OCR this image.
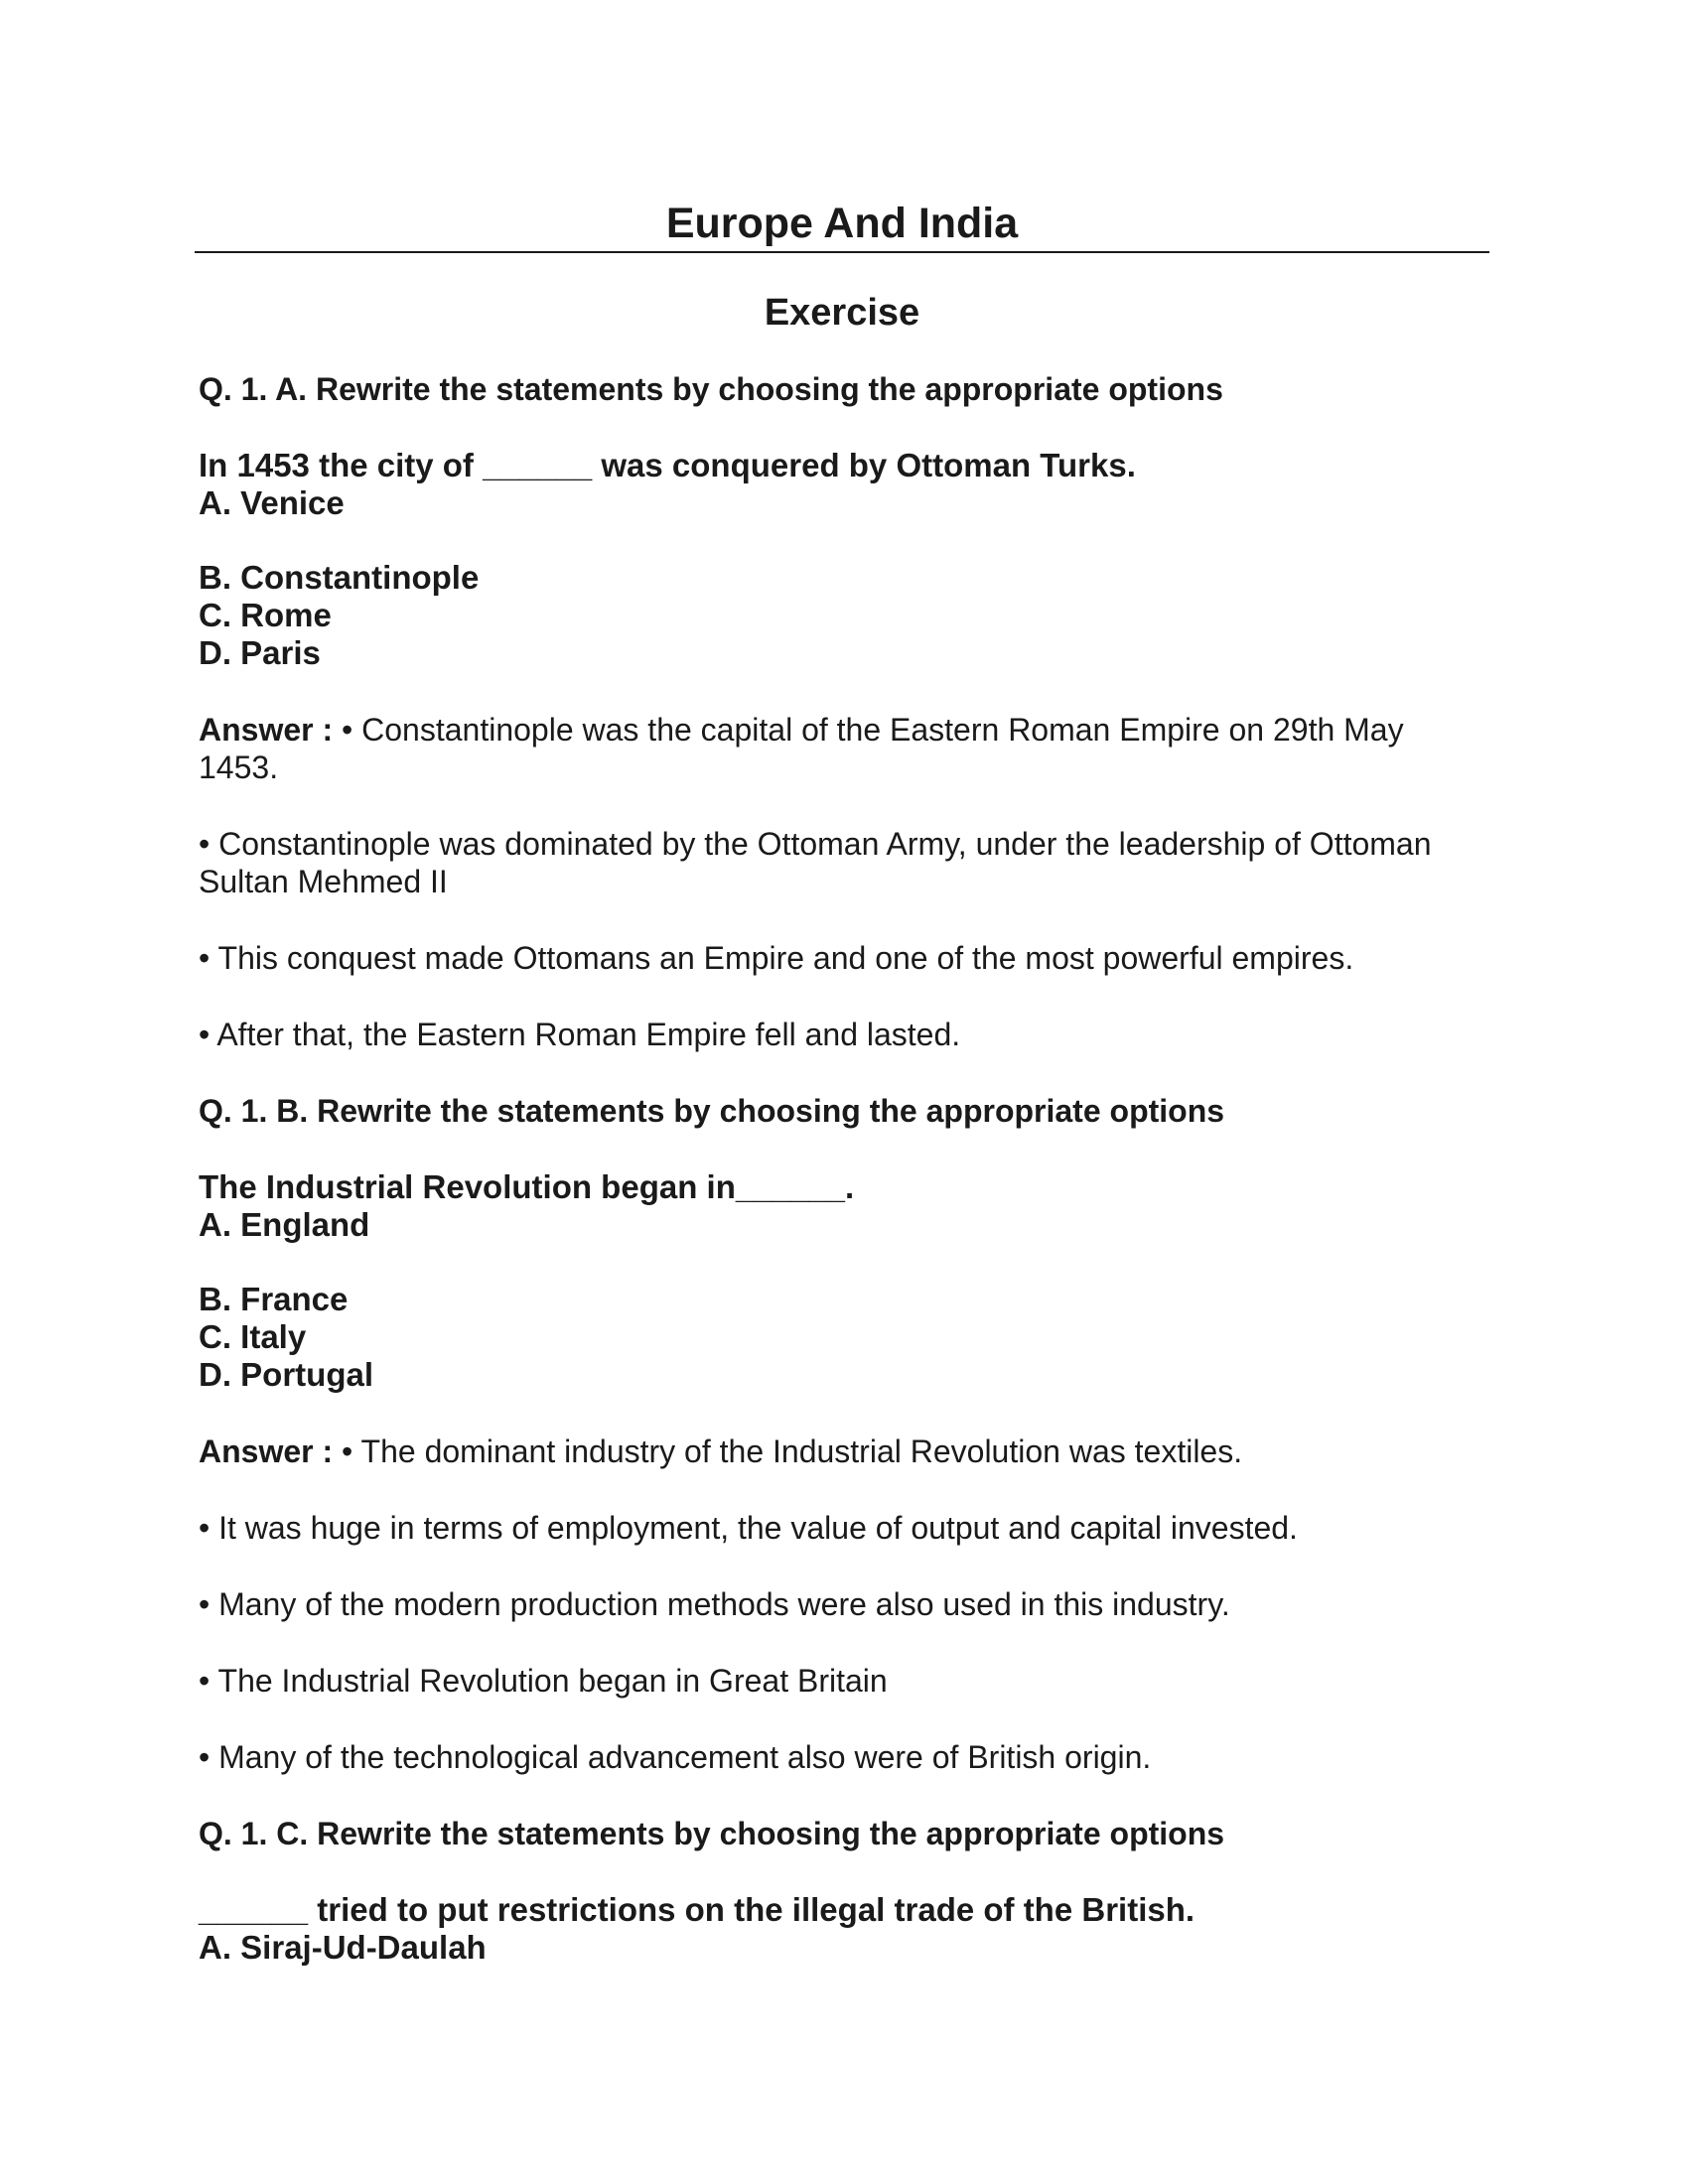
Europe And India
Exercise

Q. 1. A. Rewrite the statements by choosing the appropriate options

In 1453 the city of ______ was conquered by Ottoman Turks.

A. Venice

B. Constantinople

C. Rome

D. Paris

Answer : • Constantinople was the capital of the Eastern Roman Empire on 29th May 1453.

• Constantinople was dominated by the Ottoman Army, under the leadership of Ottoman Sultan Mehmed II

• This conquest made Ottomans an Empire and one of the most powerful empires.

• After that, the Eastern Roman Empire fell and lasted.

Q. 1. B. Rewrite the statements by choosing the appropriate options

The Industrial Revolution began in______.

A. England

B. France

C. Italy

D. Portugal

Answer : • The dominant industry of the Industrial Revolution was textiles.

• It was huge in terms of employment, the value of output and capital invested.

• Many of the modern production methods were also used in this industry.

• The Industrial Revolution began in Great Britain

• Many of the technological advancement also were of British origin.

Q. 1. C. Rewrite the statements by choosing the appropriate options

______ tried to put restrictions on the illegal trade of the British.

A. Siraj-Ud-Daulah
